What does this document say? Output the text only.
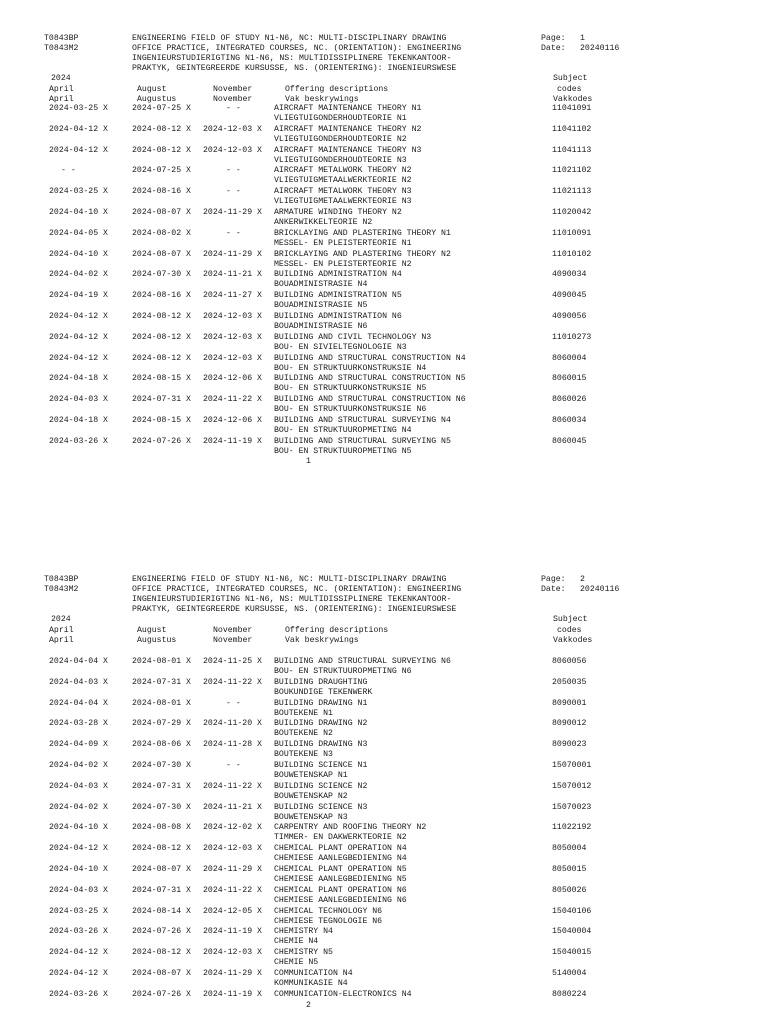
T0843BP
T0843M2
ENGINEERING FIELD OF STUDY N1-N6, NC: MULTI-DISCIPLINARY DRAWING
OFFICE PRACTICE, INTEGRATED COURSES, NC. (ORIENTATION): ENGINEERING
INGENIEURSTUDIERIGTING N1-N6, NS: MULTIDISSIPLINERE TEKENKANTOOR-
PRAKTYK, GEINTEGREERDE KURSUSSE, NS. (ORIENTERING): INGENIEURSWESE
Page: 1
Date: 20240116
2024
April
April
August
Augustus
November
November
Offering descriptions
Vak beskrywings
Subject
codes
Vakkodes
2024-03-25 X	2024-07-25 X	- -	AIRCRAFT MAINTENANCE THEORY N1
VLIEGTUIGONDERHOUDTEORIE N1
11041091
2024-04-12 X	2024-08-12 X 2024-12-03 X AIRCRAFT MAINTENANCE THEORY N2
VLIEGTUIGONDERHOUDTEORIE N2
11041102
2024-04-12 X	2024-08-12 X 2024-12-03 X AIRCRAFT MAINTENANCE THEORY N3
VLIEGTUIGONDERHOUDTEORIE N3
11041113
- -	2024-07-25 X	- -	AIRCRAFT METALWORK THEORY N2
VLIEGTUIGMETAALWERKTEORIE N2
11021102
2024-03-25 X	2024-08-16 X	- -	AIRCRAFT METALWORK THEORY N3
VLIEGTUIGMETAALWERKTEORIE N3
11021113
2024-04-10 X	2024-08-07 X 2024-11-29 X ARMATURE WINDING THEORY N2
ANKERWIKKELTEORIE N2
11020042
2024-04-05 X	2024-08-02 X	- -	BRICKLAYING AND PLASTERING THEORY N1
MESSEL- EN PLEISTERTEORIE N1
11010091
2024-04-10 X	2024-08-07 X 2024-11-29 X BRICKLAYING AND PLASTERING THEORY N2
MESSEL- EN PLEISTERTEORIE N2
11010102
2024-04-02 X	2024-07-30 X 2024-11-21 X BUILDING ADMINISTRATION N4
BOUADMINISTRASIE N4
4090034
2024-04-19 X	2024-08-16 X 2024-11-27 X BUILDING ADMINISTRATION N5
BOUADMINISTRASIE N5
4090045
2024-04-12 X	2024-08-12 X 2024-12-03 X BUILDING ADMINISTRATION N6
BOUADMINISTRASIE N6
4090056
2024-04-12 X	2024-08-12 X 2024-12-03 X BUILDING AND CIVIL TECHNOLOGY N3
BOU- EN SIVIELTEGNOLOGIE N3
11010273
2024-04-12 X	2024-08-12 X 2024-12-03 X BUILDING AND STRUCTURAL CONSTRUCTION N4
BOU- EN STRUKTUURKONSTRUKSIE N4
8060004
2024-04-18 X	2024-08-15 X 2024-12-06 X BUILDING AND STRUCTURAL CONSTRUCTION N5
BOU- EN STRUKTUURKONSTRUKSIE N5
8060015
2024-04-03 X	2024-07-31 X 2024-11-22 X BUILDING AND STRUCTURAL CONSTRUCTION N6
BOU- EN STRUKTUURKONSTRUKSIE N6
8060026
2024-04-18 X	2024-08-15 X 2024-12-06 X BUILDING AND STRUCTURAL SURVEYING N4
BOU- EN STRUKTUUROPMETING N4
8060034
2024-03-26 X	2024-07-26 X 2024-11-19 X BUILDING AND STRUCTURAL SURVEYING N5
BOU- EN STRUKTUUROPMETING N5
8060045
1
T0843BP
T0843M2
ENGINEERING FIELD OF STUDY N1-N6, NC: MULTI-DISCIPLINARY DRAWING
OFFICE PRACTICE, INTEGRATED COURSES, NC. (ORIENTATION): ENGINEERING
INGENIEURSTUDIERIGTING N1-N6, NS: MULTIDISSIPLINERE TEKENKANTOOR-
PRAKTYK, GEINTEGREERDE KURSUSSE, NS. (ORIENTERING): INGENIEURSWESE
Page: 2
Date: 20240116
2024
April
April
August
Augustus
November
November
Offering descriptions
Vak beskrywings
Subject
codes
Vakkodes
2024-04-04 X	2024-08-01 X 2024-11-25 X BUILDING AND STRUCTURAL SURVEYING N6
BOU- EN STRUKTUUROPMETING N6
8060056
2024-04-03 X	2024-07-31 X 2024-11-22 X BUILDING DRAUGHTING
BOUKUNDIGE TEKENWERK
2050035
2024-04-04 X	2024-08-01 X	- -	BUILDING DRAWING N1
BOUTEKENE N1
8090001
2024-03-28 X	2024-07-29 X 2024-11-20 X BUILDING DRAWING N2
BOUTEKENE N2
8090012
2024-04-09 X	2024-08-06 X 2024-11-28 X BUILDING DRAWING N3
BOUTEKENE N3
8090023
2024-04-02 X	2024-07-30 X	- -	BUILDING SCIENCE N1
BOUWETENSKAP N1
15070001
2024-04-03 X	2024-07-31 X 2024-11-22 X BUILDING SCIENCE N2
BOUWETENSKAP N2
15070012
2024-04-02 X	2024-07-30 X 2024-11-21 X BUILDING SCIENCE N3
BOUWETENSKAP N3
15070023
2024-04-10 X	2024-08-08 X 2024-12-02 X CARPENTRY AND ROOFING THEORY N2
TIMMER- EN DAKWERKTEORIE N2
11022192
2024-04-12 X	2024-08-12 X 2024-12-03 X CHEMICAL PLANT OPERATION N4
CHEMIESE AANLEGBEDIENING N4
8050004
2024-04-10 X	2024-08-07 X 2024-11-29 X CHEMICAL PLANT OPERATION N5
CHEMIESE AANLEGBEDIENING N5
8050015
2024-04-03 X	2024-07-31 X 2024-11-22 X CHEMICAL PLANT OPERATION N6
CHEMIESE AANLEGBEDIENING N6
8050026
2024-03-25 X	2024-08-14 X 2024-12-05 X CHEMICAL TECHNOLOGY N6
CHEMIESE TEGNOLOGIE N6
15040106
2024-03-26 X	2024-07-26 X 2024-11-19 X CHEMISTRY N4
CHEMIE N4
15040004
2024-04-12 X	2024-08-12 X 2024-12-03 X CHEMISTRY N5
CHEMIE N5
15040015
2024-04-12 X	2024-08-07 X 2024-11-29 X COMMUNICATION N4
KOMMUNIKASIE N4
5140004
2024-03-26 X	2024-07-26 X 2024-11-19 X COMMUNICATION-ELECTRONICS N4	8080224
2
